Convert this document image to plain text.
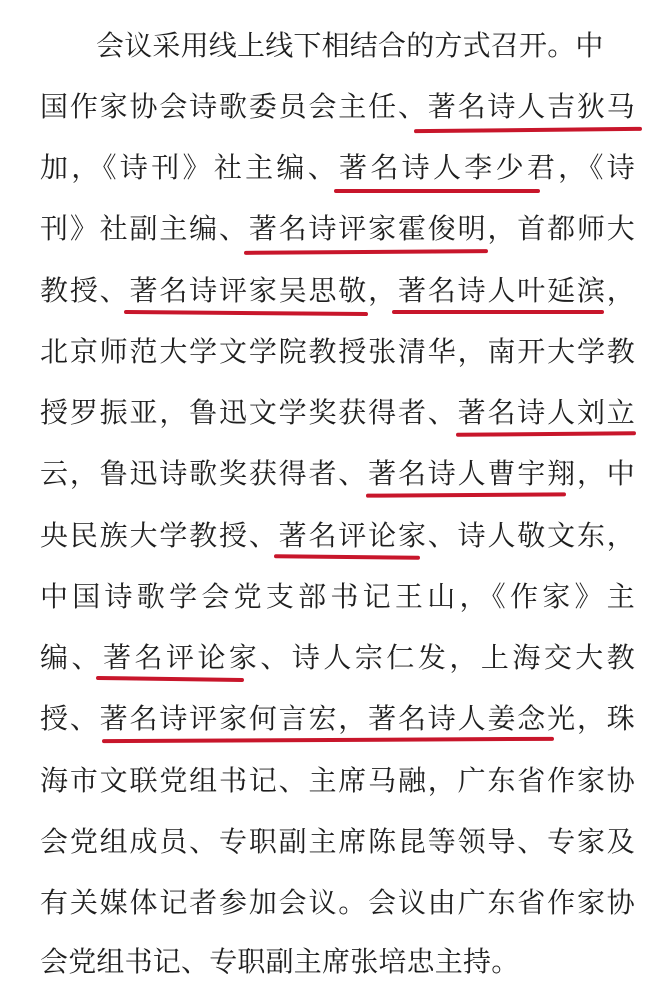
会议采用线上线下相结合的方式召开。中
国作家协会诗歌委员会主任、著名诗人吉狄马
加，《诗刊》社主编、著名诗人李少君，《诗
刊》社副主编、著名诗评家霍俊明，首都师大
教授、著名诗评家吴思敬，著名诗人叶延滨，
北京师范大学文学院教授张清华，南开大学教
授罗振亚，鲁迅文学奖获得者、著名诗人刘立
云，鲁迅诗歌奖获得者、著名诗人曹宇翔，中
央民族大学教授、著名评论家、诗人敬文东，
中国诗歌学会党支部书记王山，《作家》主
编、著名评论家、诗人宗仁发，上海交大教
授、著名诗评家何言宏，著名诗人姜念光，珠
海市文联党组书记、主席马融，广东省作家协
会党组成员、专职副主席陈昆等领导、专家及
有关媒体记者参加会议。会议由广东省作家协
会党组书记、专职副主席张培忠主持。
